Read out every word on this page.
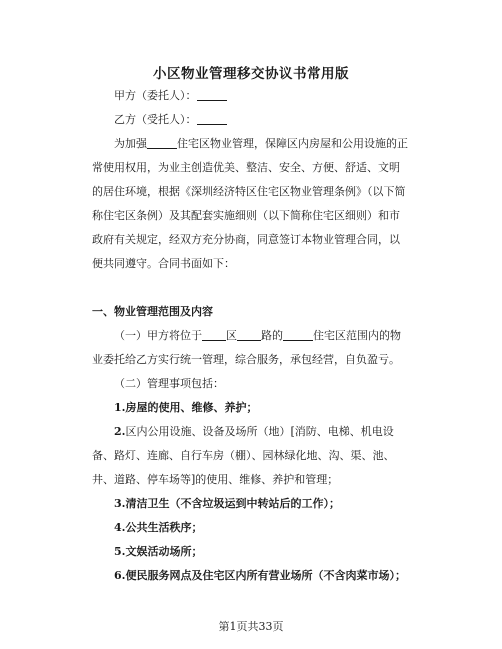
小区物业管理移交协议书常用版

甲方（委托人）：

乙方（受托人）：

为加强	住宅区物业管理，保障区内房屋和公用设施的正常使用权用，为业主创造优美、整洁、安全、方便、舒适、文明的居住环境，根据《深圳经济特区住宅区物业管理条例》（以下简称住宅区条例）及其配套实施细则（以下简称住宅区细则）和市政府有关规定，经双方充分协商，同意签订本物业管理合同，以便共同遵守。合同书面如下：

一、物业管理范围及内容

（一）甲方将位于 区 路的	住宅区范围内的物业委托给乙方实行统一管理，综合服务，承包经营，自负盈亏。

（二）管理事项包括：

1.房屋的使用、维修、养护；

2.区内公用设施、设备及场所（地）[消防、电梯、机电设备、路灯、连廊、自行车房（棚）、园林绿化地、沟、渠、池、井、道路、停车场等]的使用、维修、养护和管理；

3.清洁卫生（不含垃圾运到中转站后的工作）；

4.公共生活秩序；

5.文娱活动场所；

6.便民服务网点及住宅区内所有营业场所（不含肉菜市场）；

第1页共33页
